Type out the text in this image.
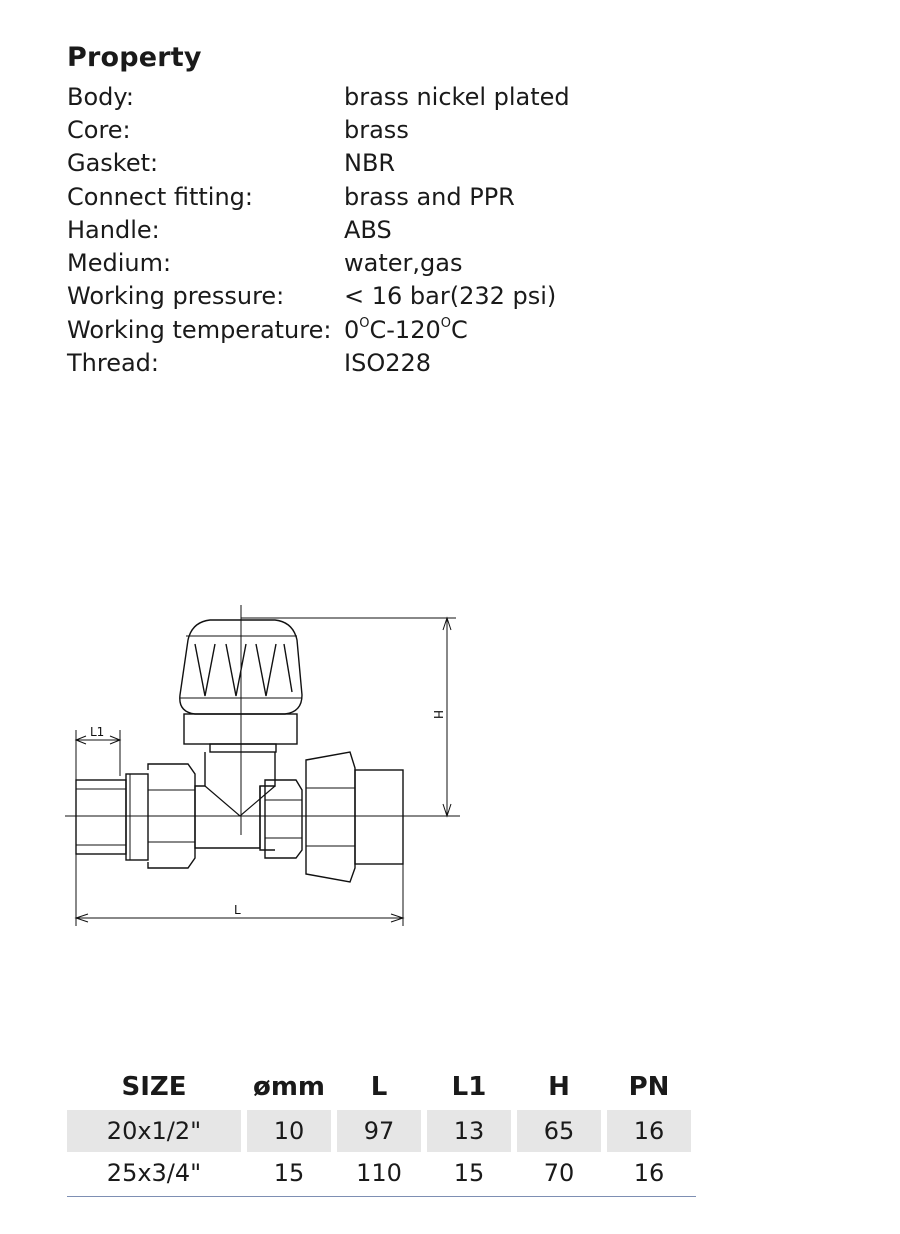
Property
Body:	brass nickel plated
Core:	brass
Gasket:	NBR
Connect fitting:	brass and PPR
Handle:	ABS
Medium:	water,gas
Working pressure:	< 16 bar(232 psi)
Working temperature: $0^OC-120^OC$
Thread:	ISO228
H
L1
L
SIZE	ømm	L	L1	H	PN
20x1/2"	10	97	13	65	16
25x3/4"	15	110	15	70	16
